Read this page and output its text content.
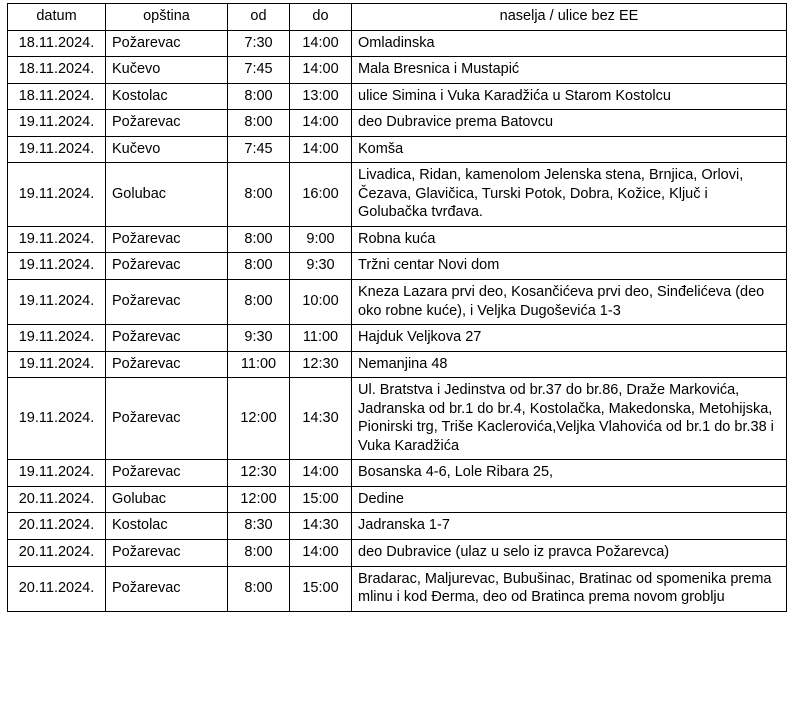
datum	opština	od	do	naselja / ulice bez EE
18.11.2024.	Požarevac	7:30	14:00	Omladinska
18.11.2024.	Kučevo	7:45	14:00	Mala Bresnica i Mustapić
18.11.2024.	Kostolac	8:00	13:00	ulice Simina i Vuka Karadžića u Starom Kostolcu
19.11.2024.	Požarevac	8:00	14:00	deo Dubravice prema Batovcu
19.11.2024.	Kučevo	7:45	14:00	Komša
19.11.2024.	Golubac	8:00	16:00	Livadica, Ridan, kamenolom Jelenska stena, Brnjica, Orlovi, Čezava, Glavičica, Turski Potok, Dobra, Kožice, Ključ i Golubačka tvrđava.
19.11.2024.	Požarevac	8:00	9:00	Robna kuća
19.11.2024.	Požarevac	8:00	9:30	Tržni centar Novi dom
19.11.2024.	Požarevac	8:00	10:00	Kneza Lazara prvi deo, Kosančićeva prvi deo, Sinđelićeva (deo oko robne kuće), i Veljka Dugoševića 1-3
19.11.2024.	Požarevac	9:30	11:00	Hajduk Veljkova 27
19.11.2024.	Požarevac	11:00	12:30	Nemanjina 48
19.11.2024.	Požarevac	12:00	14:30	Ul. Bratstva i Jedinstva od br.37 do br.86, Draže Markovića, Jadranska od br.1 do br.4, Kostolačka, Makedonska, Metohijska, Pionirski trg, Triše Kaclerovića,Veljka Vlahovića od br.1 do br.38 i Vuka Karadžića
19.11.2024.	Požarevac	12:30	14:00	Bosanska 4-6, Lole Ribara 25,
20.11.2024.	Golubac	12:00	15:00	Dedine
20.11.2024.	Kostolac	8:30	14:30	Jadranska 1-7
20.11.2024.	Požarevac	8:00	14:00	deo Dubravice (ulaz u selo iz pravca Požarevca)
20.11.2024.	Požarevac	8:00	15:00	Bradarac, Maljurevac, Bubušinac, Bratinac od spomenika prema mlinu i kod Đerma, deo od Bratinca prema novom groblju
